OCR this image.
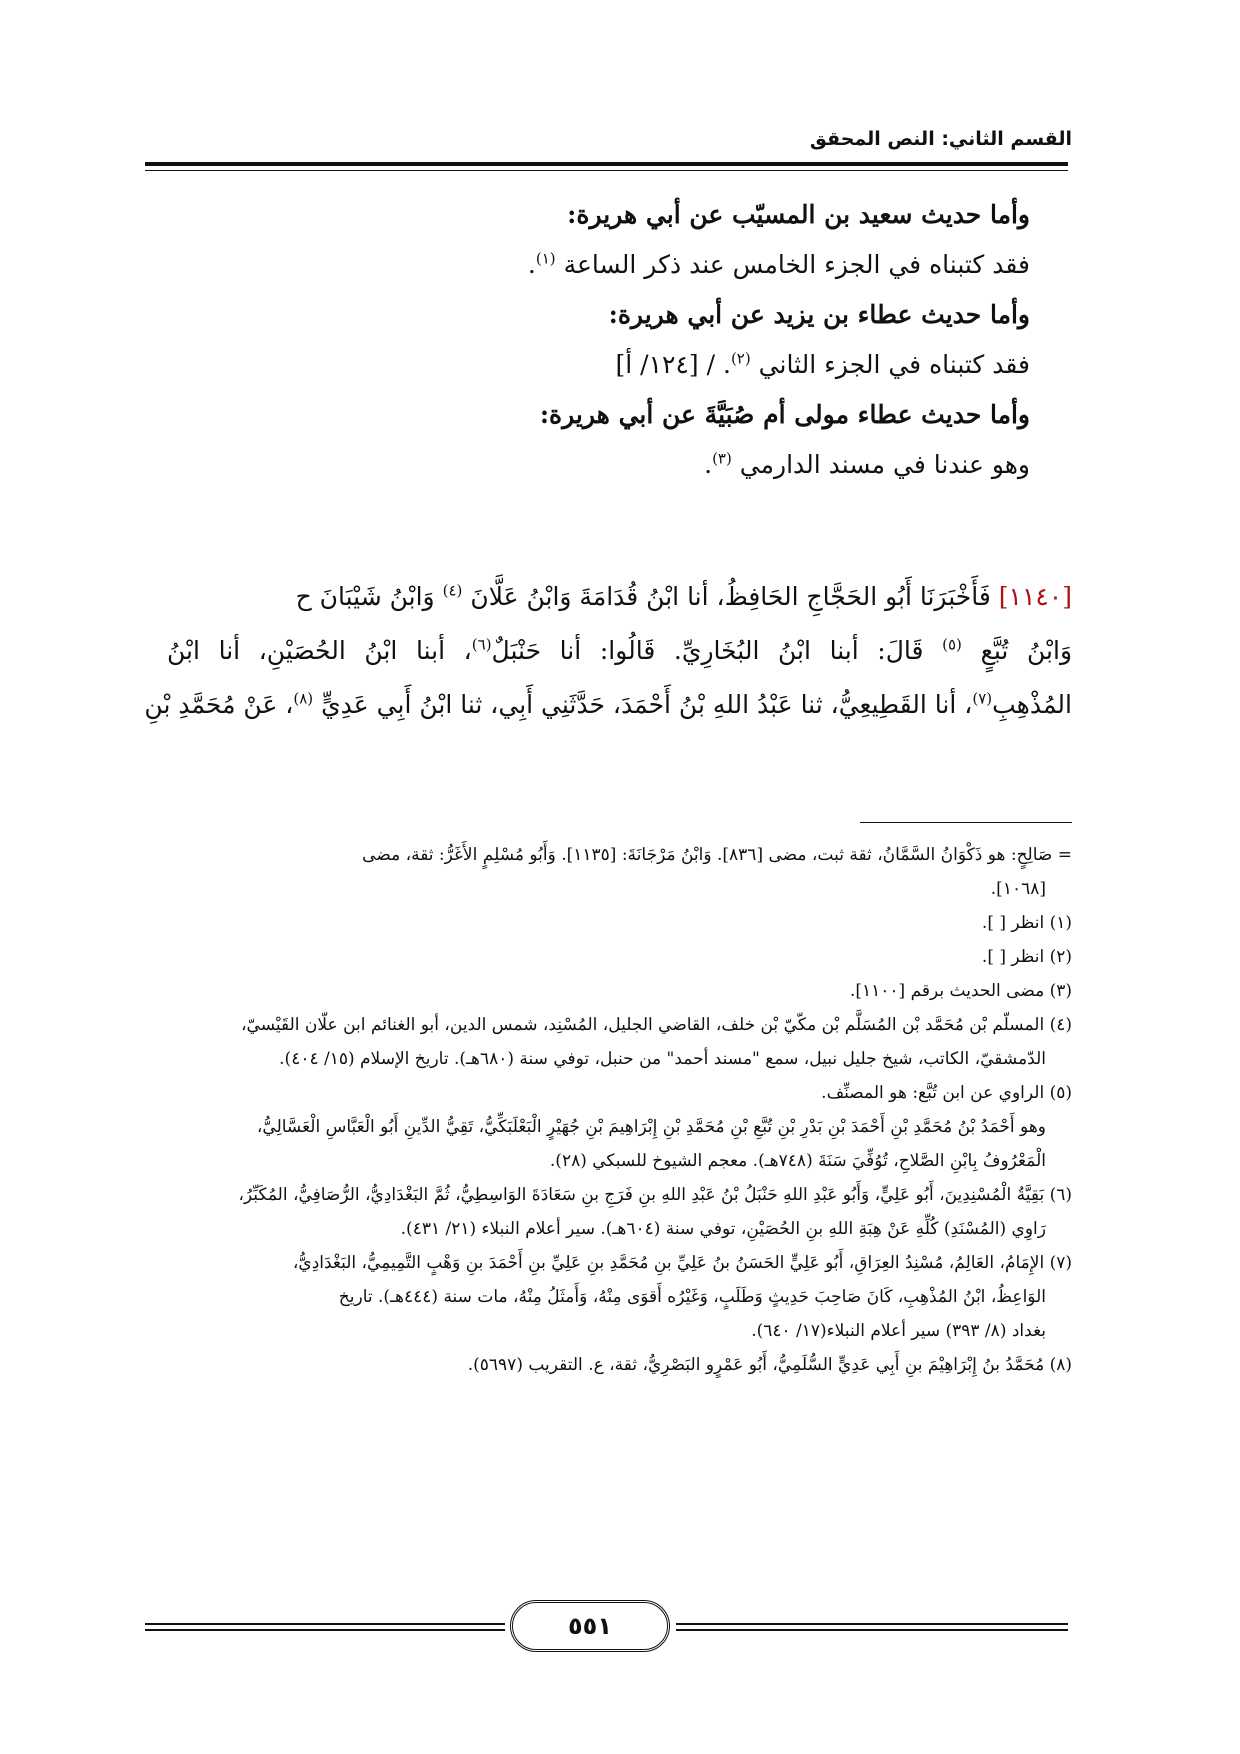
القسم الثاني: النص المحقق
وأما حديث سعيد بن المسيّب عن أبي هريرة:
فقد كتبناه في الجزء الخامس عند ذكر الساعة $^{(١)}$.
وأما حديث عطاء بن يزيد عن أبي هريرة:
فقد كتبناه في الجزء الثاني $^{(٢)}$. / [١٢٤/ أ]
وأما حديث عطاء مولى أم صُبَيَّةَ عن أبي هريرة:
وهو عندنا في مسند الدارمي $^{(٣)}$.
[١١٤٠] فَأَخْبَرَنَا أَبُو الحَجَّاجِ الحَافِظُ، أنا ابْنُ قُدَامَةَ وَابْنُ عَلَّانَ $^{(٤)}$ وَابْنُ شَيْبَانَ ح
وَابْنُ تُبَّعٍ $^{(٥)}$ قَالَ: أبنا ابْنُ البُخَارِيِّ. قَالُوا: أنا حَنْبَلٌ$^{(٦)}$، أبنا ابْنُ الحُصَيْنِ، أنا ابْنُ
المُذْهِبِ$^{(٧)}$، أنا القَطِيعِيُّ، ثنا عَبْدُ اللهِ بْنُ أَحْمَدَ، حَدَّثَنِي أَبِي، ثنا ابْنُ أَبِي عَدِيٍّ $^{(٨)}$، عَنْ مُحَمَّدِ بْنِ
= صَالِحٍ: هو ذَكْوَانُ السَّمَّانُ، ثقة ثبت، مضى [٨٣٦]. وَابْنُ مَرْجَانَةَ: [١١٣٥]. وَأَبُو مُسْلِمٍ الأَغَرُّ: ثقة، مضى
[١٠٦٨].
(١) انظر [ ].
(٢) انظر [ ].
(٣) مضى الحديث برقم [١١٠٠].
(٤) المسلّم بْن مُحَمَّد بْن المُسَلَّم بْن مكّيّ بْن خلف، القاضي الجليل، المُسْنِد، شمس الدين، أبو الغنائم ابن علّان القَيْسيّ،
الدّمشقيّ، الكاتب، شيخ جليل نبيل، سمع "مسند أحمد" من حنبل، توفي سنة (٦٨٠هـ). تاريخ الإسلام (١٥/ ٤٠٤).
(٥) الراوي عن ابن تُبَّع: هو المصنِّف.
وهو أَحْمَدُ بْنُ مُحَمَّدِ بْنِ أَحْمَدَ بْنِ بَدْرِ بْنِ تُبَّعِ بْنِ مُحَمَّدِ بْنِ إِبْرَاهِيمَ بْنِ جُهَيْرٍ الْبَعْلَبَكِّيُّ، تَقِيُّ الدِّينِ أَبُو الْعَبَّاسِ الْعَسَّالِيُّ،
الْمَعْرُوفُ بِابْنِ الصَّلاحِ، تُوُفِّيَ سَنَةَ (٧٤٨هـ). معجم الشيوخ للسبكي (٢٨).
(٦) بَقِيَّةُ الْمُسْنِدِينَ، أَبُو عَلِيٍّ، وَأَبُو عَبْدِ اللهِ حَنْبَلُ بْنُ عَبْدِ اللهِ بنِ فَرَجِ بنِ سَعَادَةَ الوَاسِطِيُّ، ثُمَّ البَغْدَادِيُّ، الرُّصَافِيُّ، المُكَبِّرُ،
رَاوِي (المُسْنَدِ) كُلِّهِ عَنْ هِبَةِ اللهِ بنِ الحُصَيْنِ، توفي سنة (٦٠٤هـ). سير أعلام النبلاء (٢١/ ٤٣١).
(٧) الإِمَامُ، العَالِمُ، مُسْنِدُ العِرَاقِ، أَبُو عَلِيٍّ الحَسَنُ بنُ عَلِيِّ بنِ مُحَمَّدِ بنِ عَلِيِّ بنِ أَحْمَدَ بنِ وَهْبٍ التَّمِيمِيُّ، البَغْدَادِيُّ،
الوَاعِظُ، ابْنُ المُذْهِبِ، كَانَ صَاحِبَ حَدِيثٍ وَطَلَبٍ، وَغَيْرُه أَقوَى مِنْهُ، وَأَمثَلُ مِنْهُ، مات سنة (٤٤٤هـ). تاريخ
بغداد (٨/ ٣٩٣) سير أعلام النبلاء(١٧/ ٦٤٠).
(٨) مُحَمَّدُ بنُ إِبْرَاهِيْمَ بنِ أَبِي عَدِيٍّ السُّلَمِيُّ، أَبُو عَمْرٍو البَصْرِيُّ، ثقة، ع. التقريب (٥٦٩٧).
٥٥١
